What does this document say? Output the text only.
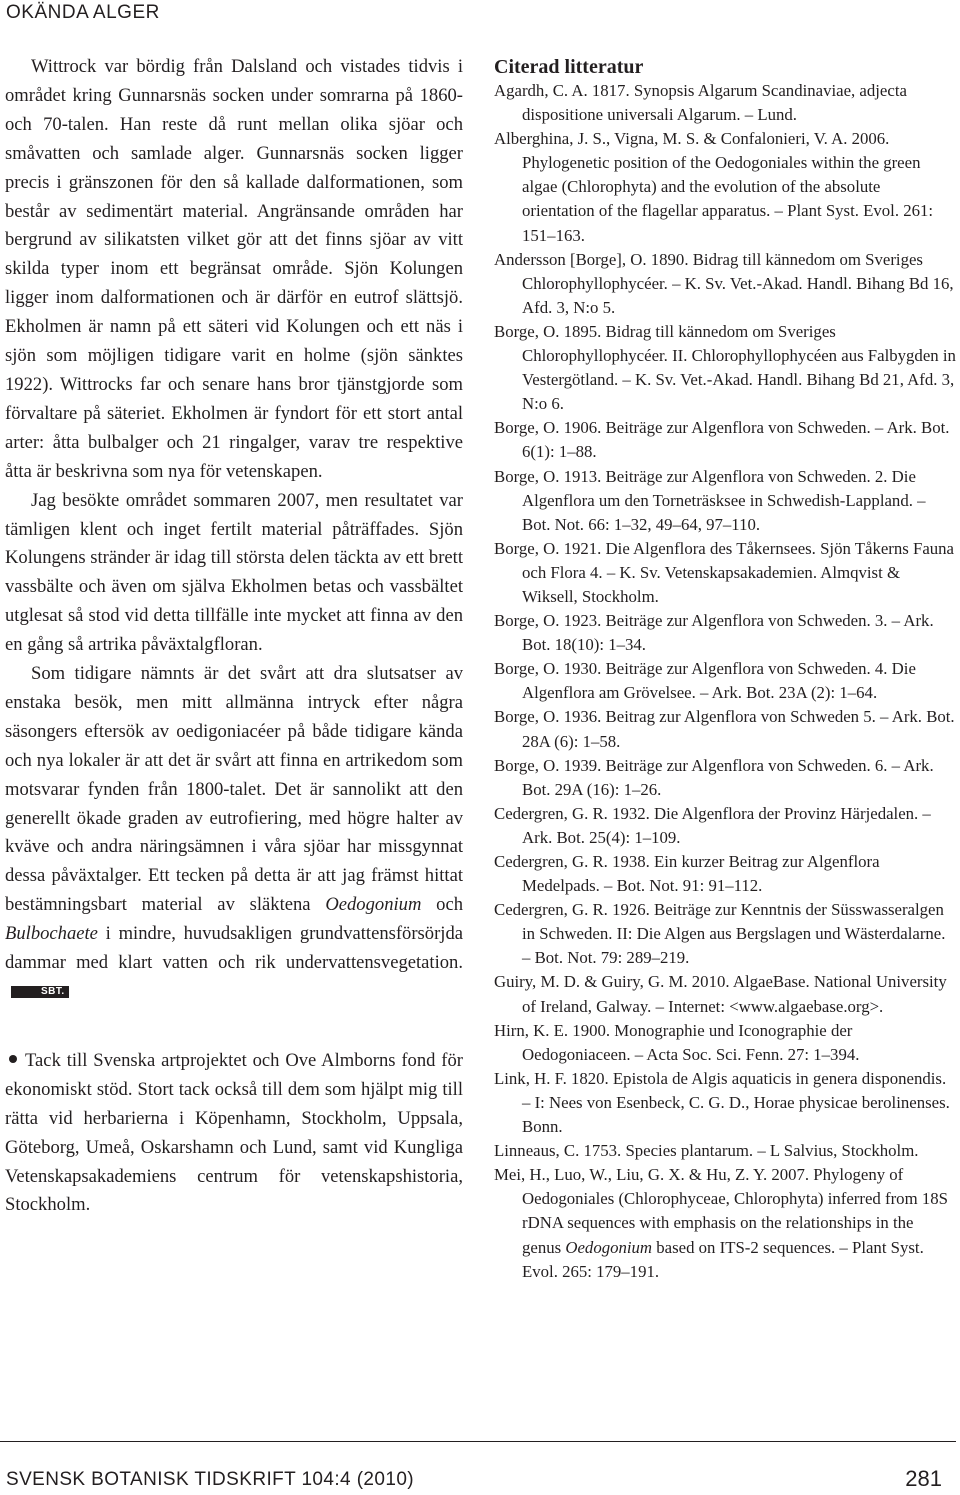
OKÄNDA ALGER

Wittrock var bördig från Dalsland och vistades tidvis i området kring Gunnarsnäs socken under somrarna på 1860- och 70-talen. Han reste då runt mellan olika sjöar och småvatten och samlade alger. Gunnarsnäs socken ligger precis i gränszonen för den så kallade dalformationen, som består av sedimentärt material. Angränsande områden har bergrund av silikatsten vilket gör att det finns sjöar av vitt skilda typer inom ett begränsat område. Sjön Kolungen ligger inom dalformationen och är därför en eutrof slättsjö. Ekholmen är namn på ett säteri vid Kolungen och ett näs i sjön som möjligen tidigare varit en holme (sjön sänktes 1922). Wittrocks far och senare hans bror tjänstgjorde som förvaltare på säteriet. Ekholmen är fyndort för ett stort antal arter: åtta bulbalger och 21 ringalger, varav tre respektive åtta är beskrivna som nya för vetenskapen.

Jag besökte området sommaren 2007, men resultatet var tämligen klent och inget fertilt material påträffades. Sjön Kolungens stränder är idag till största delen täckta av ett brett vassbälte och även om själva Ekholmen betas och vassbältet utglesat så stod vid detta tillfälle inte mycket att finna av den en gång så artrika påväxtalgfloran.

Som tidigare nämnts är det svårt att dra slutsatser av enstaka besök, men mitt allmänna intryck efter några säsongers eftersök av oedigoniacéer på både tidigare kända och nya lokaler är att det är svårt att finna en artrikedom som motsvarar fynden från 1800-talet. Det är sannolikt att den generellt ökade graden av eutrofiering, med högre halter av kväve och andra näringsämnen i våra sjöar har missgynnat dessa påväxtalger. Ett tecken på detta är att jag främst hittat bestämningsbart material av släktena Oedogonium och Bulbochaete i mindre, huvudsakligen grundvattensförsörjda dammar med klart vatten och rik undervattensvegetation.SBT.

Tack till Svenska artprojektet och Ove Almborns fond för ekonomiskt stöd. Stort tack också till dem som hjälpt mig till rätta vid herbarierna i Köpenhamn, Stockholm, Uppsala, Göteborg, Umeå, Oskarshamn och Lund, samt vid Kungliga Vetenskapsakademiens centrum för vetenskapshistoria, Stockholm.

Citerad litteratur

Agardh, C. A. 1817. Synopsis Algarum Scandinaviae, adjecta dispositione universali Algarum. – Lund.

Alberghina, J. S., Vigna, M. S. & Confalonieri, V. A. 2006. Phylogenetic position of the Oedogoniales within the green algae (Chlorophyta) and the evolution of the absolute orientation of the flagellar apparatus. – Plant Syst. Evol. 261: 151–163.

Andersson [Borge], O. 1890. Bidrag till kännedom om Sveriges Chlorophyllophycéer. – K. Sv. Vet.-Akad. Handl. Bihang Bd 16, Afd. 3, N:o 5.

Borge, O. 1895. Bidrag till kännedom om Sveriges Chlorophyllophycéer. II. Chlorophyllophycéen aus Falbygden in Vestergötland. – K. Sv. Vet.-Akad. Handl. Bihang Bd 21, Afd. 3, N:o 6.

Borge, O. 1906. Beiträge zur Algenflora von Schweden. – Ark. Bot. 6(1): 1–88.

Borge, O. 1913. Beiträge zur Algenflora von Schweden. 2. Die Algenflora um den Torneträsksee in Schwedish-Lappland. – Bot. Not. 66: 1–32, 49–64, 97–110.

Borge, O. 1921. Die Algenflora des Tåkernsees. Sjön Tåkerns Fauna och Flora 4. – K. Sv. Vetenskapsakademien. Almqvist & Wiksell, Stockholm.

Borge, O. 1923. Beiträge zur Algenflora von Schweden. 3. – Ark. Bot. 18(10): 1–34.

Borge, O. 1930. Beiträge zur Algenflora von Schweden. 4. Die Algenflora am Grövelsee. – Ark. Bot. 23A (2): 1–64.

Borge, O. 1936. Beitrag zur Algenflora von Schweden 5. – Ark. Bot. 28A (6): 1–58.

Borge, O. 1939. Beiträge zur Algenflora von Schweden. 6. – Ark. Bot. 29A (16): 1–26.

Cedergren, G. R. 1932. Die Algenflora der Provinz Härjedalen. – Ark. Bot. 25(4): 1–109.

Cedergren, G. R. 1938. Ein kurzer Beitrag zur Algenflora Medelpads. – Bot. Not. 91: 91–112.

Cedergren, G. R. 1926. Beiträge zur Kenntnis der Süsswasseralgen in Schweden. II: Die Algen aus Bergslagen und Wästerdalarne. – Bot. Not. 79: 289–219.

Guiry, M. D. & Guiry, G. M. 2010. AlgaeBase. National University of Ireland, Galway. – Internet: <www.algaebase.org>.

Hirn, K. E. 1900. Monographie und Iconographie der Oedogoniaceen. – Acta Soc. Sci. Fenn. 27: 1–394.

Link, H. F. 1820. Epistola de Algis aquaticis in genera disponendis. – I: Nees von Esenbeck, C. G. D., Horae physicae berolinenses. Bonn.

Linneaus, C. 1753. Species plantarum. – L Salvius, Stockholm.

Mei, H., Luo, W., Liu, G. X. & Hu, Z. Y. 2007. Phylogeny of Oedogoniales (Chlorophyceae, Chlorophyta) inferred from 18S rDNA sequences with emphasis on the relationships in the genus Oedogonium based on ITS-2 sequences. – Plant Syst. Evol. 265: 179–191.

SVENSK BOTANISK TIDSKRIFT 104:4 (2010)	281
